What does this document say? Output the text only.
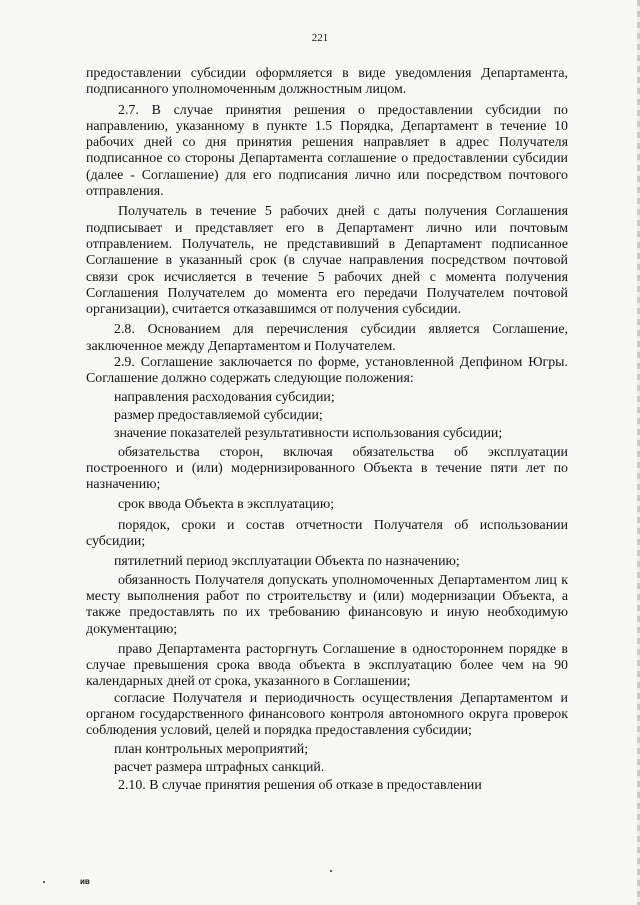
221

предоставлении субсидии оформляется в виде уведомления Департамента, подписанного уполномоченным должностным лицом.

2.7. В случае принятия решения о предоставлении субсидии по направлению, указанному в пункте 1.5 Порядка, Департамент в течение 10 рабочих дней со дня принятия решения направляет в адрес Получателя подписанное со стороны Департамента соглашение о предоставлении субсидии (далее - Соглашение) для его подписания лично или посредством почтового отправления.

Получатель в течение 5 рабочих дней с даты получения Соглашения подписывает и представляет его в Департамент лично или почтовым отправлением. Получатель, не представивший в Департамент подписанное Соглашение в указанный срок (в случае направления посредством почтовой связи срок исчисляется в течение 5 рабочих дней с момента получения Соглашения Получателем до момента его передачи Получателем почтовой организации), считается отказавшимся от получения субсидии.

2.8. Основанием для перечисления субсидии является Соглашение, заключенное между Департаментом и Получателем.

2.9. Соглашение заключается по форме, установленной Депфином Югры. Соглашение должно содержать следующие положения:

направления расходования субсидии;

размер предоставляемой субсидии;

значение показателей результативности использования субсидии;

обязательства сторон, включая обязательства об эксплуатации построенного и (или) модернизированного Объекта в течение пяти лет по назначению;

срок ввода Объекта в эксплуатацию;

порядок, сроки и состав отчетности Получателя об использовании субсидии;

пятилетний период эксплуатации Объекта по назначению;

обязанность Получателя допускать уполномоченных Департаментом лиц к месту выполнения работ по строительству и (или) модернизации Объекта, а также предоставлять по их требованию финансовую и иную необходимую документацию;

право Департамента расторгнуть Соглашение в одностороннем порядке в случае превышения срока ввода объекта в эксплуатацию более чем на 90 календарных дней от срока, указанного в Соглашении;

согласие Получателя и периодичность осуществления Департаментом и органом государственного финансового контроля автономного округа проверок соблюдения условий, целей и порядка предоставления субсидии;

план контрольных мероприятий;

расчет размера штрафных санкций.

2.10. В случае принятия решения об отказе в предоставлении

ив
